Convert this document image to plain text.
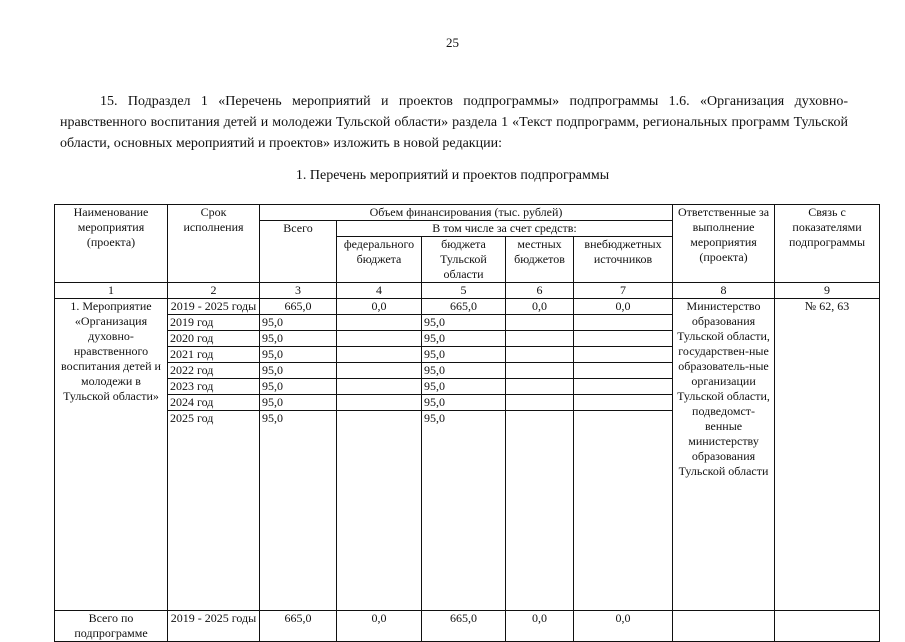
25
15. Подраздел 1 «Перечень мероприятий и проектов подпрограммы» подпрограммы 1.6. «Организация духовно-нравственного воспитания детей и молодежи Тульской области» раздела 1 «Текст подпрограмм, региональных программ Тульской области, основных мероприятий и проектов» изложить в новой редакции:
1. Перечень мероприятий и проектов подпрограммы
Наименование мероприятия (проекта)	Срок исполнения	Объем финансирования (тыс. рублей)					Ответственные за выполнение мероприятия (проекта)	Связь с показателями подпрограммы
		Всего	В том числе за счет средств:					
			федерального бюджета	бюджета Тульской области	местных бюджетов	внебюджетных источников		
1	2	3	4	5	6	7	8	9
1. Мероприятие «Организация духовно-нравственного воспитания детей и молодежи в Тульской области»	2019 - 2025 годы	665,0	0,0	665,0	0,0	0,0	Министерство образования Тульской области, государствен-ные образователь-ные организации Тульской области, подведомст-венные министерству образования Тульской области	№ 62, 63
	2019 год	95,0		95,0				
	2020 год	95,0		95,0				
	2021 год	95,0		95,0				
	2022 год	95,0		95,0				
	2023 год	95,0		95,0				
	2024 год	95,0		95,0				
	2025 год	95,0		95,0				
Всего по подпрограмме	2019 - 2025 годы	665,0	0,0	665,0	0,0	0,0		
